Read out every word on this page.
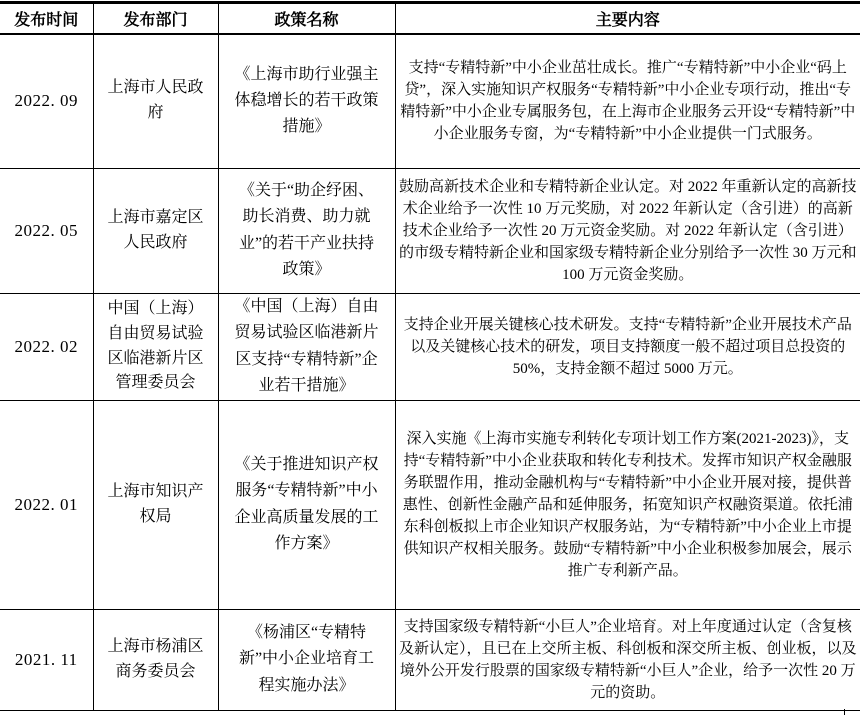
发布时间	发布部门	政策名称	主要内容
2022. 09	上海市人民政府	《上海市助行业强主体稳增长的若干政策措施》	支持“专精特新”中小企业茁壮成长。推广“专精特新”中小企业“码上贷”，深入实施知识产权服务“专精特新”中小企业专项行动，推出“专精特新”中小企业专属服务包，在上海市企业服务云开设“专精特新”中小企业服务专窗，为“专精特新”中小企业提供一门式服务。
2022. 05	上海市嘉定区人民政府	《关于“助企纾困、助长消费、助力就业”的若干产业扶持政策》	鼓励高新技术企业和专精特新企业认定。对 2022 年重新认定的高新技术企业给予一次性 10 万元奖励，对 2022 年新认定（含引进）的高新技术企业给予一次性 20 万元资金奖励。对 2022 年新认定（含引进）的市级专精特新企业和国家级专精特新企业分别给予一次性 30 万元和 100 万元资金奖励。
2022. 02	中国（上海）自由贸易试验区临港新片区管理委员会	《中国（上海）自由贸易试验区临港新片区支持“专精特新”企业若干措施》	支持企业开展关键核心技术研发。支持“专精特新”企业开展技术产品以及关键核心技术的研发，项目支持额度一般不超过项目总投资的 50%，支持金额不超过 5000 万元。
2022. 01	上海市知识产权局	《关于推进知识产权服务“专精特新”中小企业高质量发展的工作方案》	深入实施《上海市实施专利转化专项计划工作方案(2021-2023)》，支持“专精特新”中小企业获取和转化专利技术。发挥市知识产权金融服务联盟作用，推动金融机构与“专精特新”中小企业开展对接，提供普惠性、创新性金融产品和延伸服务，拓宽知识产权融资渠道。依托浦东科创板拟上市企业知识产权服务站，为“专精特新”中小企业上市提供知识产权相关服务。鼓励“专精特新”中小企业积极参加展会，展示推广专利新产品。
2021. 11	上海市杨浦区商务委员会	《杨浦区“专精特新”中小企业培育工程实施办法》	支持国家级专精特新“小巨人”企业培育。对上年度通过认定（含复核及新认定），且已在上交所主板、科创板和深交所主板、创业板，以及境外公开发行股票的国家级专精特新“小巨人”企业，给予一次性 20 万元的资助。
